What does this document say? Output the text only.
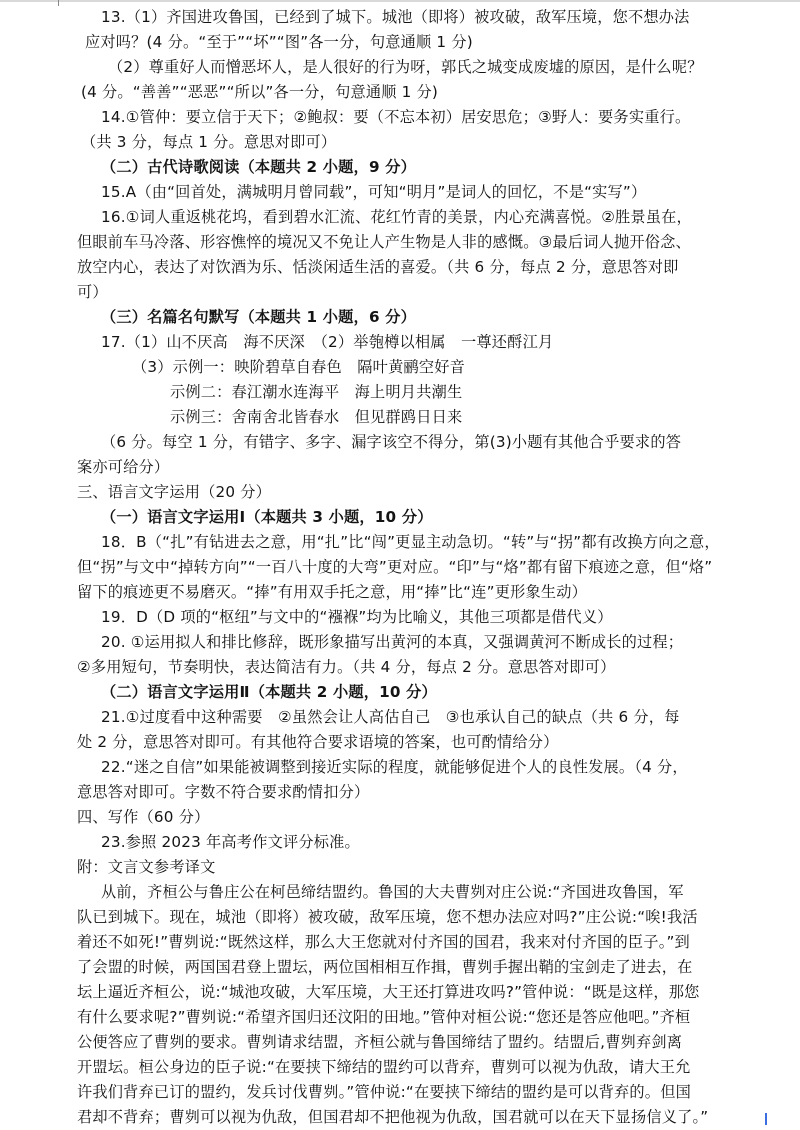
13.（1）齐国进攻鲁国，已经到了城下。城池（即将）被攻破，敌军压境，您不想办法
应对吗？(4 分。“至于”“坏”“图”各一分，句意通顺 1 分)
（2）尊重好人而憎恶坏人，是人很好的行为呀，郭氏之城变成废墟的原因，是什么呢？
(4 分。“善善”“恶恶”“所以”各一分，句意通顺 1 分)
14.①管仲：要立信于天下；②鲍叔：要（不忘本初）居安思危；③野人：要务实重行。
（共 3 分，每点 1 分。意思对即可）
（二）古代诗歌阅读（本题共 2 小题，9 分）
15.A（由“回首处，满城明月曾同载”，可知“明月”是词人的回忆，不是“实写”）
16.①词人重返桃花坞，看到碧水汇流、花红竹青的美景，内心充满喜悦。②胜景虽在，
但眼前车马冷落、形容憔悴的境况又不免让人产生物是人非的感慨。③最后词人抛开俗念、
放空内心，表达了对饮酒为乐、恬淡闲适生活的喜爱。（共 6 分，每点 2 分，意思答对即
可）
（三）名篇名句默写（本题共 1 小题，6 分）
17.（1）山不厌高　海不厌深　（2）举匏樽以相属　一尊还酹江月
（3）示例一：映阶碧草自春色　隔叶黄鹂空好音
示例二：春江潮水连海平　海上明月共潮生
示例三：舍南舍北皆春水　但见群鸥日日来
（6 分。每空 1 分，有错字、多字、漏字该空不得分，第(3)小题有其他合乎要求的答
案亦可给分）
三、语言文字运用（20 分）
（一）语言文字运用Ⅰ（本题共 3 小题，10 分）
18．B（“扎”有钻进去之意，用“扎”比“闯”更显主动急切。“转”与“拐”都有改换方向之意，
但“拐”与文中“掉转方向”“一百八十度的大弯”更对应。“印”与“烙”都有留下痕迹之意，但“烙”
留下的痕迹更不易磨灭。“捧”有用双手托之意，用“捧”比“连”更形象生动）
19．D（D 项的“枢纽”与文中的“襁褓”均为比喻义，其他三项都是借代义）
20. ①运用拟人和排比修辞，既形象描写出黄河的本真，又强调黄河不断成长的过程；
②多用短句，节奏明快，表达简洁有力。（共 4 分，每点 2 分。意思答对即可）
（二）语言文字运用Ⅱ（本题共 2 小题，10 分）
21.①过度看中这种需要　②虽然会让人高估自己　③也承认自己的缺点（共 6 分，每
处 2 分，意思答对即可。有其他符合要求语境的答案，也可酌情给分）
22.“迷之自信”如果能被调整到接近实际的程度，就能够促进个人的良性发展。（4 分，
意思答对即可。字数不符合要求酌情扣分）
四、写作（60 分）
23.参照 2023 年高考作文评分标准。
附：文言文参考译文
从前，齐桓公与鲁庄公在柯邑缔结盟约。鲁国的大夫曹刿对庄公说:“齐国进攻鲁国，军
队已到城下。现在，城池（即将）被攻破，敌军压境，您不想办法应对吗?”庄公说:“唉!我活
着还不如死!”曹刿说:“既然这样，那么大王您就对付齐国的国君，我来对付齐国的臣子。”到
了会盟的时候，两国国君登上盟坛，两位国相相互作揖，曹刿手握出鞘的宝剑走了进去，在
坛上逼近齐桓公，说:“城池攻破，大军压境，大王还打算进攻吗?”管仲说：“既是这样，那您
有什么要求呢?”曹刿说:“希望齐国归还汶阳的田地。”管仲对桓公说:“您还是答应他吧。”齐桓
公便答应了曹刿的要求。曹刿请求结盟，齐桓公就与鲁国缔结了盟约。结盟后,曹刿弃剑离
开盟坛。桓公身边的臣子说:“在要挟下缔结的盟约可以背弃，曹刿可以视为仇敌，请大王允
许我们背弃已订的盟约，发兵讨伐曹刿。”管仲说:“在要挟下缔结的盟约是可以背弃的。但国
君却不背弃；曹刿可以视为仇敌，但国君却不把他视为仇敌，国君就可以在天下显扬信义了。”
